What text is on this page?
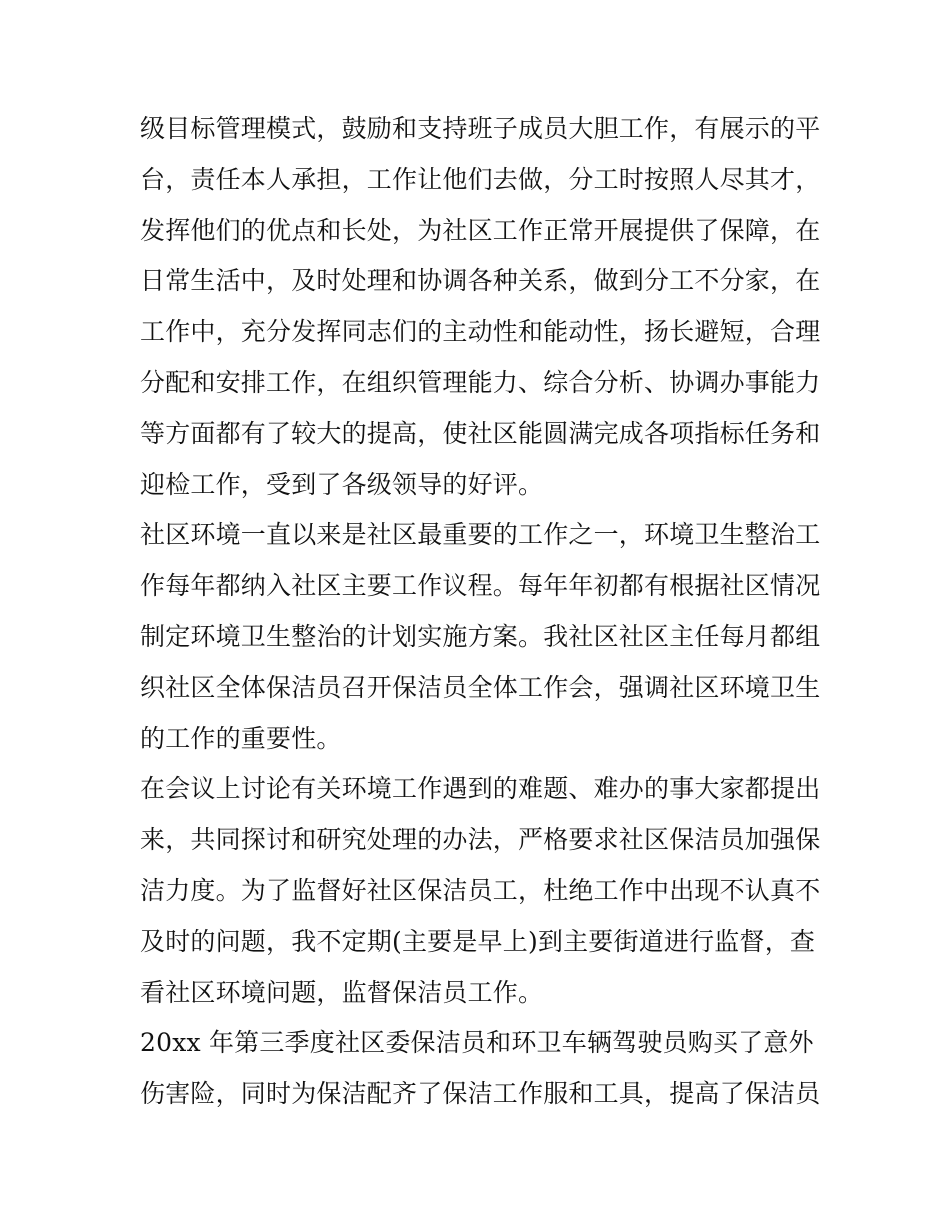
级目标管理模式，鼓励和支持班子成员大胆工作，有展示的平
台，责任本人承担，工作让他们去做，分工时按照人尽其才，
发挥他们的优点和长处，为社区工作正常开展提供了保障，在
日常生活中，及时处理和协调各种关系，做到分工不分家，在
工作中，充分发挥同志们的主动性和能动性，扬长避短，合理
分配和安排工作，在组织管理能力、综合分析、协调办事能力
等方面都有了较大的提高，使社区能圆满完成各项指标任务和
迎检工作，受到了各级领导的好评。
社区环境一直以来是社区最重要的工作之一，环境卫生整治工
作每年都纳入社区主要工作议程。每年年初都有根据社区情况
制定环境卫生整治的计划实施方案。我社区社区主任每月都组
织社区全体保洁员召开保洁员全体工作会，强调社区环境卫生
的工作的重要性。
在会议上讨论有关环境工作遇到的难题、难办的事大家都提出
来，共同探讨和研究处理的办法，严格要求社区保洁员加强保
洁力度。为了监督好社区保洁员工，杜绝工作中出现不认真不
及时的问题，我不定期(主要是早上)到主要街道进行监督，查
看社区环境问题，监督保洁员工作。
20xx 年第三季度社区委保洁员和环卫车辆驾驶员购买了意外
伤害险，同时为保洁配齐了保洁工作服和工具，提高了保洁员
